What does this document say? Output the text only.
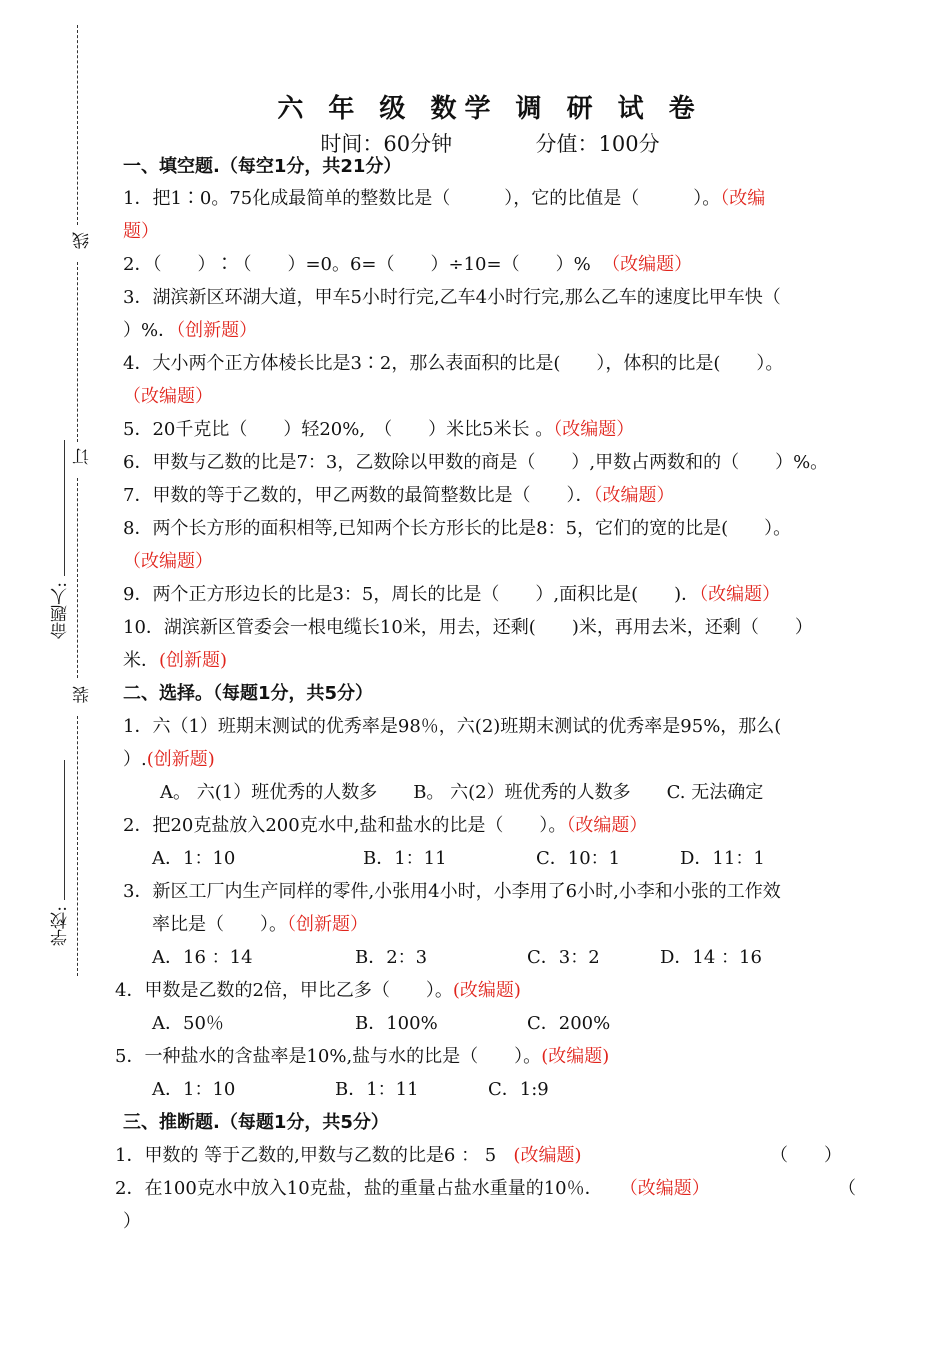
线
订
装
命题人:
学校:
六 年 级 数学 调 研 试 卷
时间：60分钟	分值：100分
一、填空题.（每空1分，共21分）
1．把1∶0。75化成最简单的整数比是（　　　），它的比值是（　　　）。（改编
题）
2．（　　）∶（　　）=0。6=（　　）÷10=（　　）% （改编题）
3．湖滨新区环湖大道，甲车5小时行完,乙车4小时行完,那么乙车的速度比甲车快（
）%．（创新题）
4．大小两个正方体棱长比是3∶2，那么表面积的比是(　　），体积的比是(　　）。
（改编题）
5．20千克比（　　）轻20%,　（　　）米比5米长 。（改编题）
6．甲数与乙数的比是7：3，乙数除以甲数的商是（　　）,甲数占两数和的（　　）%。
7．甲数的等于乙数的，甲乙两数的最简整数比是（　　）．（改编题）
8．两个长方形的面积相等,已知两个长方形长的比是8：5，它们的宽的比是(　　）。
（改编题）
9．两个正方形边长的比是3：5，周长的比是（　　）,面积比是(　　)．（改编题）
10．湖滨新区管委会一根电缆长10米，用去，还剩(　　)米，再用去米，还剩（　　）
米．(创新题)
二、选择。（每题1分，共5分）
1．六（1）班期末测试的优秀率是98％，六(2)班期末测试的优秀率是95%，那么(
）.(创新题)
A。 六(1）班优秀的人数多　　B。 六(2）班优秀的人数多　　C. 无法确定
2．把20克盐放入200克水中,盐和盐水的比是（　　）。（改编题）
A．1：10	B．1：11	C．10：1	D．11：1
3．新区工厂内生产同样的零件,小张用4小时，小李用了6小时,小李和小张的工作效
率比是（　　）。（创新题）
A．16 ：14	B．2：3	C．3：2	D．14 ：16
4．甲数是乙数的2倍，甲比乙多（　　）。(改编题)
A．50％	B．100%	C．200%
5．一种盐水的含盐率是10%,盐与水的比是（　　）。(改编题)
A．1：10	B．1：11	C．1:9
三、推断题.（每题1分，共5分）
1．甲数的 等于乙数的,甲数与乙数的比是6 ： 5 (改编题)	（　　）
2．在100克水中放入10克盐，盐的重量占盐水重量的10％． （改编题）	（
）
